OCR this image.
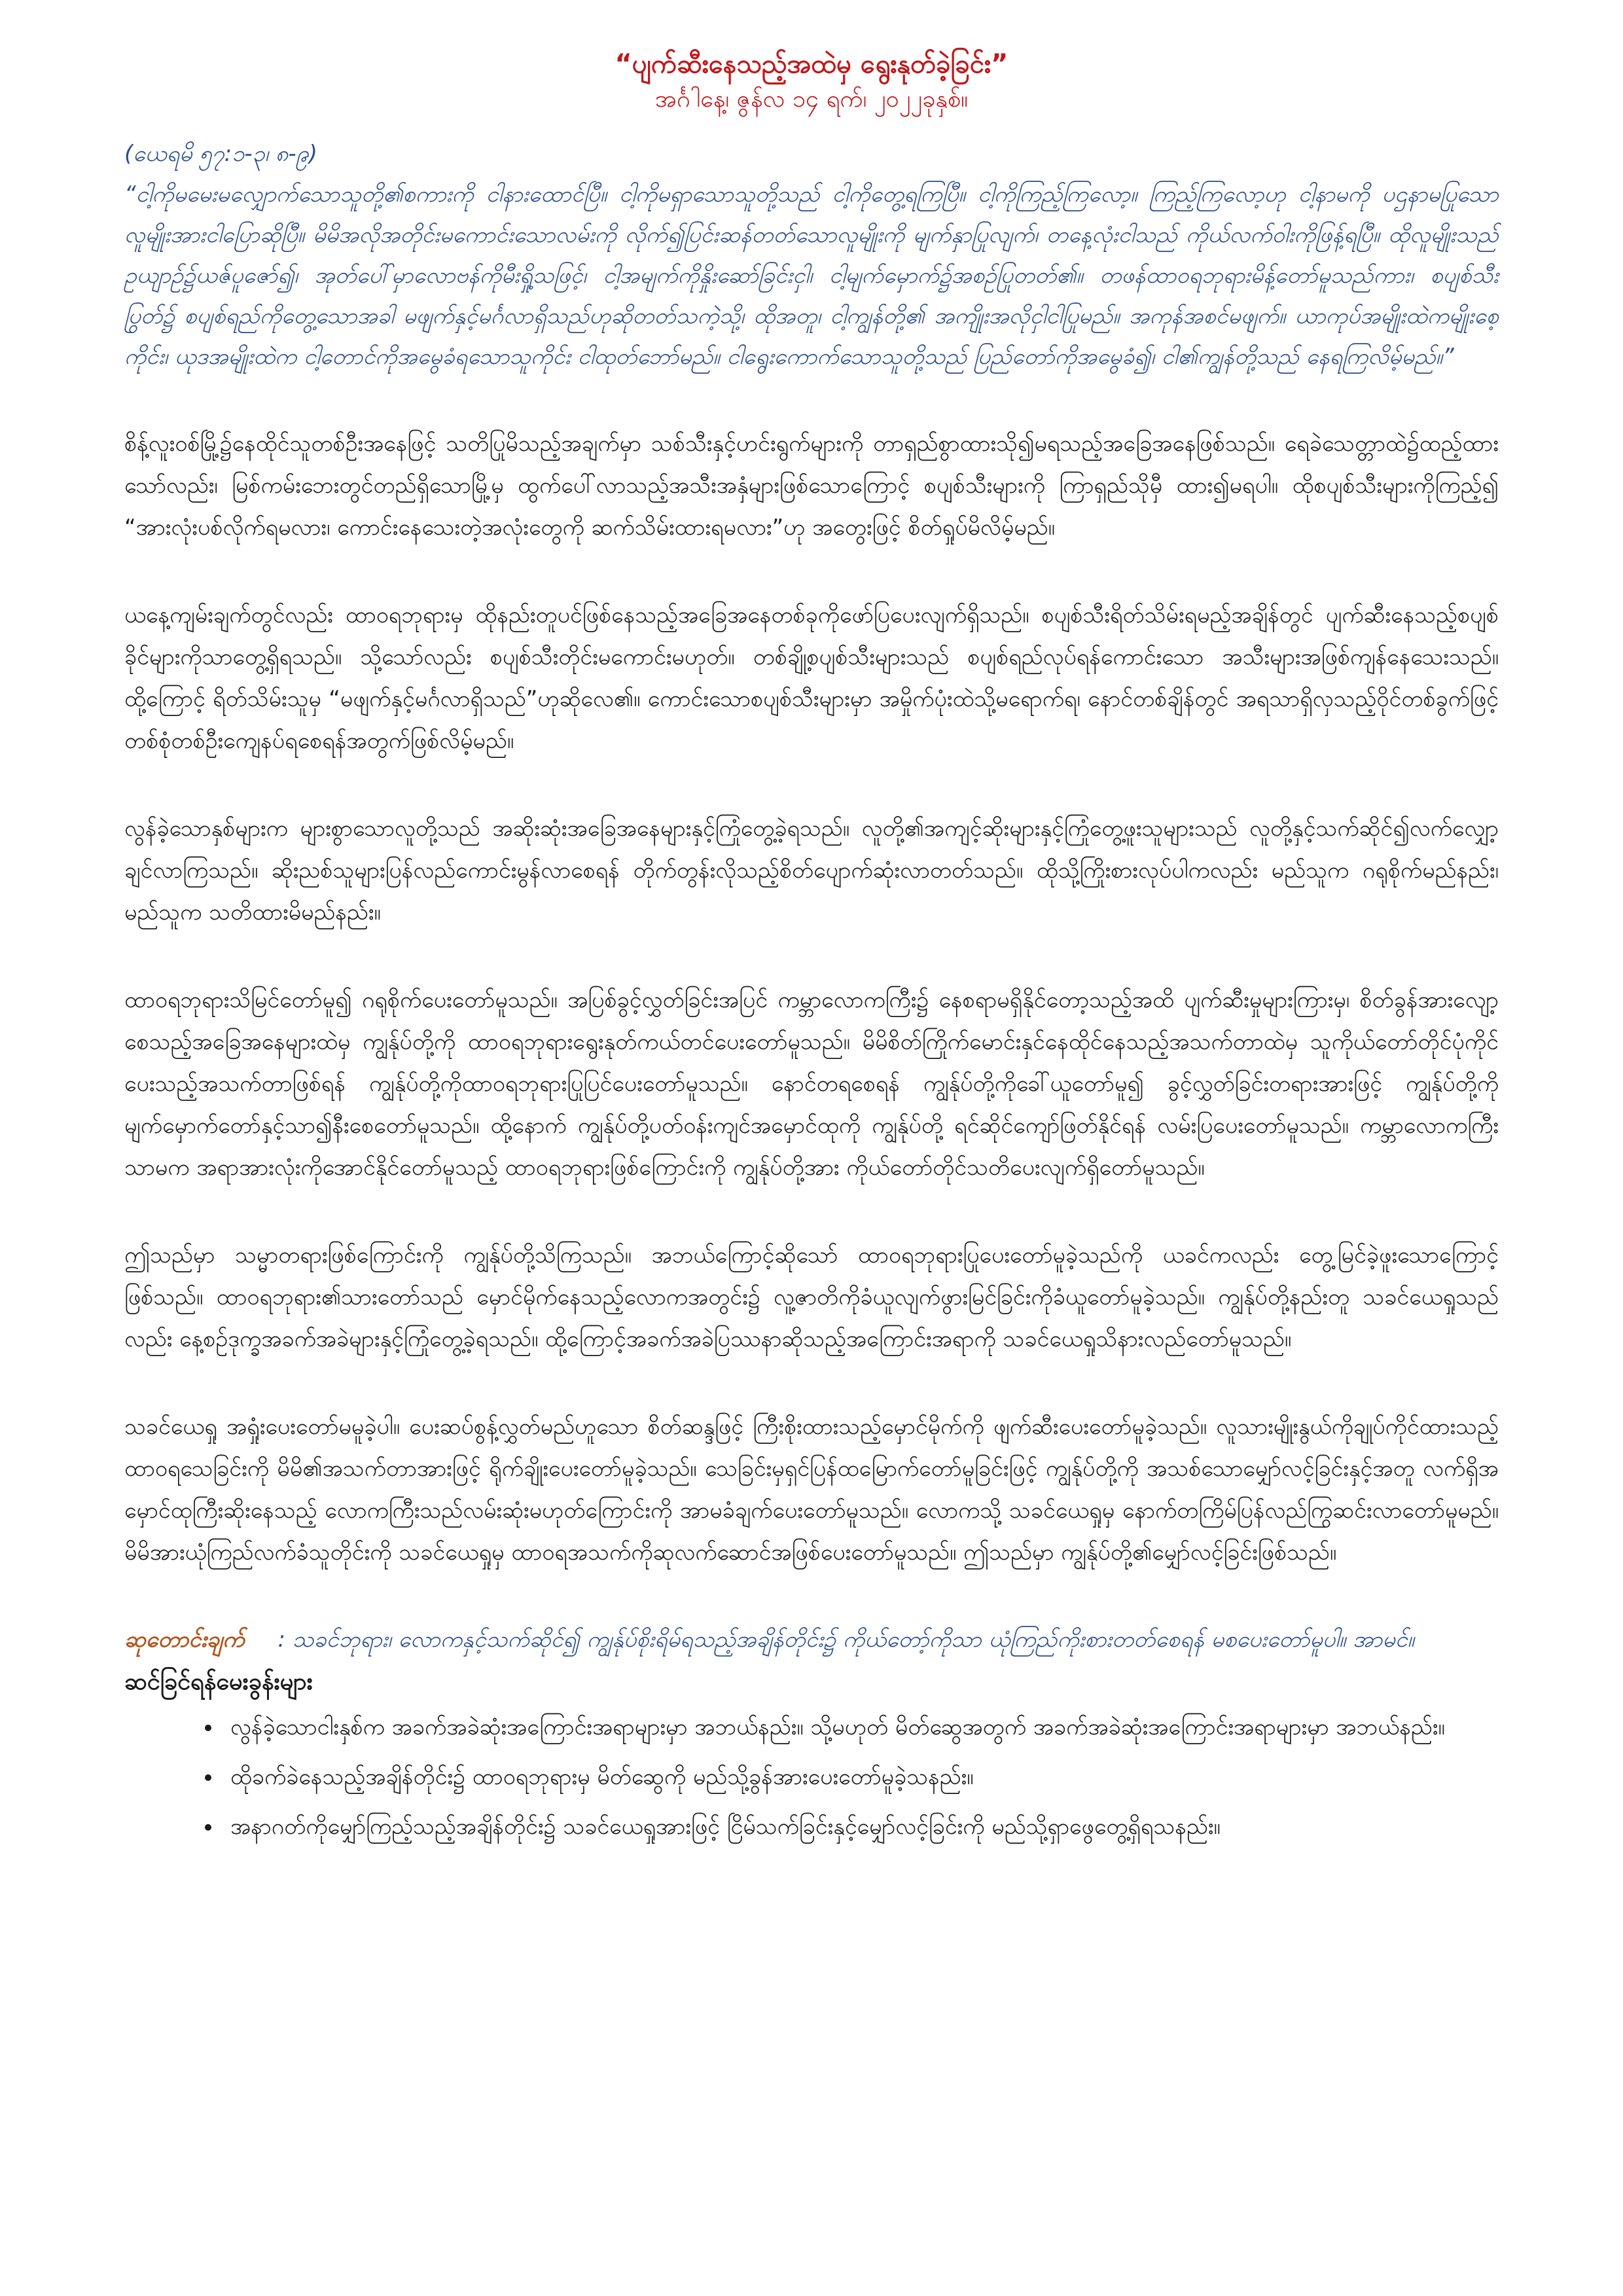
“ပျက်ဆီးနေသည့်အထဲမှ ရွေးနုတ်ခဲ့ခြင်း”

အင်္ဂါနေ့၊ ဇွန်လ ၁၄ ရက်၊ ၂၀၂၂ခုနှစ်။

(ယေရမိ ၅၇:၁-၃၊ ၈-၉)

“ငါ့ကိုမမေးမလျှောက်သောသူတို့၏စကားကို ငါနားထောင်ပြီ။ ငါ့ကိုမရှာသောသူတို့သည် ငါ့ကိုတွေ့ရကြပြီ။ ငါ့ကိုကြည့်ကြလော့။ ကြည့်ကြလော့ဟု ငါ့နာမကို ပဌနာမပြုသောလူမျိုးအားငါပြောဆိုပြီ။ မိမိအလိုအတိုင်းမကောင်းသောလမ်းကို လိုက်၍ပြင်းဆန်တတ်သောလူမျိုးကို မျက်နှာပြုလျက်၊ တနေ့လုံးငါသည် ကိုယ်လက်ဝါးကိုဖြန့်ရပြီ။ ထိုလူမျိုးသည် ဥယျာဉ်၌ယဇ်ပူဇော်၍၊ အုတ်ပေါ်မှာလောဗန်ကိုမီးရှို့သဖြင့်၊ ငါ့အမျက်ကိုနှိုးဆော်ခြင်းငှါ၊ ငါ့မျက်မှောက်၌အစဉ်ပြုတတ်၏။ တဖန်ထာဝရဘုရားမိန့်တော်မူသည်ကား၊ စပျစ်သီးပြွတ်၌ စပျစ်ရည်ကိုတွေ့သောအခါ မဖျက်နှင့်မင်္ဂလာရှိသည်ဟုဆိုတတ်သကဲ့သို့၊ ထိုအတူ၊ ငါ့ကျွန်တို့၏ အကျိုးအလိုငှါငါပြုမည်။ အကုန်အစင်မဖျက်။ ယာကုပ်အမျိုးထဲကမျိုးစေ့ကိုင်း၊ ယုဒအမျိုးထဲက ငါ့တောင်ကိုအမွေခံရသောသူကိုင်း ငါထုတ်ဘော်မည်။ ငါရွေးကောက်သောသူတို့သည် ပြည်တော်ကိုအမွေခံ၍၊ ငါ၏ကျွန်တို့သည် နေရကြလိမ့်မည်။”

စိန့်လူးဝစ်မြို့၌နေထိုင်သူတစ်ဦးအနေဖြင့် သတိပြုမိသည့်အချက်မှာ သစ်သီးနှင့်ဟင်းရွက်များကို တာရှည်စွာထားသို၍မရသည့်အခြေအနေဖြစ်သည်။ ရေခဲသေတ္တာထဲ၌ထည့်ထားသော်လည်း၊ မြစ်ကမ်းဘေးတွင်တည်ရှိသောမြို့မှ ထွက်ပေါ်လာသည့်အသီးအနှံများဖြစ်သောကြောင့် စပျစ်သီးများကို ကြာရှည်သိုမှီ ထား၍မရပါ။ ထိုစပျစ်သီးများကိုကြည့်၍ “အားလုံးပစ်လိုက်ရမလား၊ ကောင်းနေသေးတဲ့အလုံးတွေကို ဆက်သိမ်းထားရမလား”ဟု အတွေးဖြင့် စိတ်ရှုပ်မိလိမ့်မည်။

ယနေ့ကျမ်းချက်တွင်လည်း ထာဝရဘုရားမှ ထိုနည်းတူပင်ဖြစ်နေသည့်အခြေအနေတစ်ခုကိုဖော်ပြပေးလျက်ရှိသည်။ စပျစ်သီးရိတ်သိမ်းရမည့်အချိန်တွင် ပျက်ဆီးနေသည့်စပျစ်ခိုင်များကိုသာတွေ့ရှိရသည်။ သို့သော်လည်း စပျစ်သီးတိုင်းမကောင်းမဟုတ်။ တစ်ချို့စပျစ်သီးများသည် စပျစ်ရည်လုပ်ရန်ကောင်းသော အသီးများအဖြစ်ကျန်နေသေးသည်။ ထို့ကြောင့် ရိတ်သိမ်းသူမှ “မဖျက်နှင့်မင်္ဂလာရှိသည်”ဟုဆိုလေ၏။ ကောင်းသောစပျစ်သီးများမှာ အမှိုက်ပုံးထဲသို့မရောက်ရ၊ နောင်တစ်ချိန်တွင် အရသာရှိလှသည့်ဝိုင်တစ်ခွက်ဖြင့် တစ်စုံတစ်ဦးကျေနပ်ရစေရန်အတွက်ဖြစ်လိမ့်မည်။

လွန်ခဲ့သောနှစ်များက များစွာသောလူတို့သည် အဆိုးဆုံးအခြေအနေများနှင့်ကြုံတွေ့ခဲ့ရသည်။ လူတို့၏အကျင့်ဆိုးများနှင့်ကြုံတွေ့ဖူးသူများသည် လူတို့နှင့်သက်ဆိုင်၍လက်လျှော့ချင်လာကြသည်။ ဆိုးညစ်သူများပြန်လည်ကောင်းမွန်လာစေရန် တိုက်တွန်းလိုသည့်စိတ်ပျောက်ဆုံးလာတတ်သည်။ ထိုသို့ကြိုးစားလုပ်ပါကလည်း မည်သူက ဂရုစိုက်မည်နည်း၊ မည်သူက သတိထားမိမည်နည်း။

ထာဝရဘုရားသိမြင်တော်မူ၍ ဂရုစိုက်ပေးတော်မူသည်။ အပြစ်ခွင့်လွှတ်ခြင်းအပြင် ကမ္ဘာလောကကြီး၌ နေစရာမရှိနိုင်တော့သည့်အထိ ပျက်ဆီးမှုများကြားမှ၊ စိတ်ခွန်အားလျော့စေသည့်အခြေအနေများထဲမှ ကျွန်ုပ်တို့ကို ထာဝရဘုရားရွေးနုတ်ကယ်တင်ပေးတော်မူသည်။ မိမိစိတ်ကြိုက်မောင်းနှင်နေထိုင်နေသည့်အသက်တာထဲမှ သူကိုယ်တော်တိုင်ပုံကိုင်ပေးသည့်အသက်တာဖြစ်ရန် ကျွန်ုပ်တို့ကိုထာဝရဘုရားပြုပြင်ပေးတော်မူသည်။ နောင်တရစေရန် ကျွန်ုပ်တို့ကိုခေါ်ယူတော်မူ၍ ခွင့်လွှတ်ခြင်းတရားအားဖြင့် ကျွန်ုပ်တို့ကိုမျက်မှောက်တော်နှင့်သာ၍နီးစေတော်မူသည်။ ထို့နောက် ကျွန်ုပ်တို့ပတ်ဝန်းကျင်အမှောင်ထုကို ကျွန်ုပ်တို့ ရင်ဆိုင်ကျော်ဖြတ်နိုင်ရန် လမ်းပြပေးတော်မူသည်။ ကမ္ဘာလောကကြီးသာမက အရာအားလုံးကိုအောင်နိုင်တော်မူသည့် ထာဝရဘုရားဖြစ်ကြောင်းကို ကျွန်ုပ်တို့အား ကိုယ်တော်တိုင်သတိပေးလျက်ရှိတော်မူသည်။

ဤသည်မှာ သမ္မာတရားဖြစ်ကြောင်းကို ကျွန်ုပ်တို့သိကြသည်။ အဘယ်ကြောင့်ဆိုသော် ထာဝရဘုရားပြုပေးတော်မူခဲ့သည်ကို ယခင်ကလည်း တွေ့မြင်ခဲ့ဖူးသောကြောင့်ဖြစ်သည်။ ထာဝရဘုရား၏သားတော်သည် မှောင်မိုက်နေသည့်လောကအတွင်း၌ လူ့ဇာတိကိုခံယူလျက်ဖွားမြင်ခြင်းကိုခံယူတော်မူခဲ့သည်။ ကျွန်ုပ်တို့နည်းတူ သခင်ယေရှုသည်လည်း နေ့စဉ်ဒုက္ခအခက်အခဲများနှင့်ကြုံတွေ့ခဲ့ရသည်။ ထို့ကြောင့်အခက်အခဲပြဿနာဆိုသည့်အကြောင်းအရာကို သခင်ယေရှုသိနားလည်တော်မူသည်။

သခင်ယေရှု အရှုံးပေးတော်မမူခဲ့ပါ။ ပေးဆပ်စွန့်လွှတ်မည်ဟူသော စိတ်ဆန္ဒဖြင့် ကြီးစိုးထားသည့်မှောင်မိုက်ကို ဖျက်ဆီးပေးတော်မူခဲ့သည်။ လူသားမျိုးနွယ်ကိုချုပ်ကိုင်ထားသည့်ထာဝရသေခြင်းကို မိမိ၏အသက်တာအားဖြင့် ရိုက်ချိုးပေးတော်မူခဲ့သည်။ သေခြင်းမှရှင်ပြန်ထမြောက်တော်မူခြင်းဖြင့် ကျွန်ုပ်တို့ကို အသစ်သောမျှော်လင့်ခြင်းနှင့်အတူ လက်ရှိအမှောင်ထုကြီးဆိုးနေသည့် လောကကြီးသည်လမ်းဆုံးမဟုတ်ကြောင်းကို အာမခံချက်ပေးတော်မူသည်။ လောကသို့ သခင်ယေရှုမှ နောက်တကြိမ်ပြန်လည်ကြွဆင်းလာတော်မူမည်။ မိမိအားယုံကြည်လက်ခံသူတိုင်းကို သခင်ယေရှုမှ ထာဝရအသက်ကိုဆုလက်ဆောင်အဖြစ်ပေးတော်မူသည်။ ဤသည်မှာ ကျွန်ုပ်တို့၏မျှော်လင့်ခြင်းဖြစ်သည်။

ဆုတောင်းချက် : သခင်ဘုရား၊ လောကနှင့်သက်ဆိုင်၍ ကျွန်ုပ်စိုးရိမ်ရသည့်အချိန်တိုင်း၌ ကိုယ်တော့်ကိုသာ ယုံကြည်ကိုးစားတတ်စေရန် မစပေးတော်မူပါ။ အာမင်။

ဆင်ခြင်ရန်မေးခွန်းများ
• လွန်ခဲ့သောငါးနှစ်က အခက်အခဲဆုံးအကြောင်းအရာများမှာ အဘယ်နည်း။ သို့မဟုတ် မိတ်ဆွေအတွက် အခက်အခဲဆုံးအကြောင်းအရာများမှာ အဘယ်နည်း။
• ထိုခက်ခဲနေသည့်အချိန်တိုင်း၌ ထာဝရဘုရားမှ မိတ်ဆွေကို မည်သို့ခွန်အားပေးတော်မူခဲ့သနည်း။
• အနာဂတ်ကိုမျှော်ကြည့်သည့်အချိန်တိုင်း၌ သခင်ယေရှုအားဖြင့် ငြိမ်သက်ခြင်းနှင့်မျှော်လင့်ခြင်းကို မည်သို့ရှာဖွေတွေ့ရှိရသနည်း။
